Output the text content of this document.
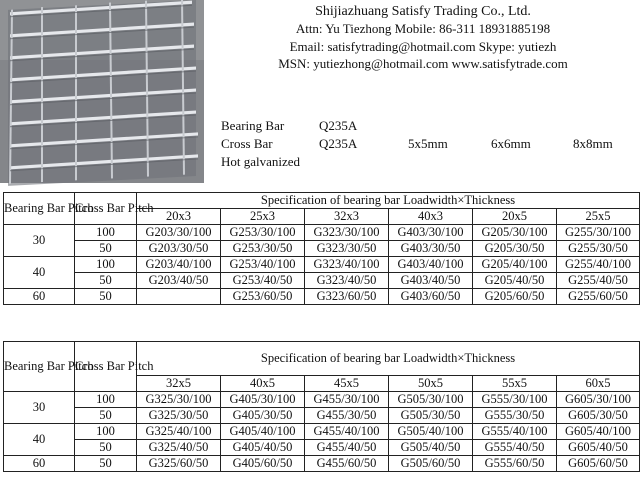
Shijiazhuang Satisfy Trading Co., Ltd.
Attn: Yu Tiezhong Mobile: 86-311 18931885198
Email: satisfytrading@hotmail.com Skype: yutiezh
MSN: yutiezhong@hotmail.com www.satisfytrade.com
Bearing Bar	Q235A
Cross Bar	Q235A	5x5mm	6x6mm	8x8mm
Hot galvanized
Bearing Bar Pitch	Cross Bar Pitch	Specification of bearing bar Loadwidth×Thickness					
		20x3	25x3	32x3	40x3	20x5	25x5
30	100	G203/30/100	G253/30/100	G323/30/100	G403/30/100	G205/30/100	G255/30/100
	50	G203/30/50	G253/30/50	G323/30/50	G403/30/50	G205/30/50	G255/30/50
40	100	G203/40/100	G253/40/100	G323/40/100	G403/40/100	G205/40/100	G255/40/100
	50	G203/40/50	G253/40/50	G323/40/50	G403/40/50	G205/40/50	G255/40/50
60	50		G253/60/50	G323/60/50	G403/60/50	G205/60/50	G255/60/50
Bearing Bar Pitch	Cross Bar Pitch	Specification of bearing bar Loadwidth×Thickness					
		32x5	40x5	45x5	50x5	55x5	60x5
30	100	G325/30/100	G405/30/100	G455/30/100	G505/30/100	G555/30/100	G605/30/100
	50	G325/30/50	G405/30/50	G455/30/50	G505/30/50	G555/30/50	G605/30/50
40	100	G325/40/100	G405/40/100	G455/40/100	G505/40/100	G555/40/100	G605/40/100
	50	G325/40/50	G405/40/50	G455/40/50	G505/40/50	G555/40/50	G605/40/50
60	50	G325/60/50	G405/60/50	G455/60/50	G505/60/50	G555/60/50	G605/60/50
